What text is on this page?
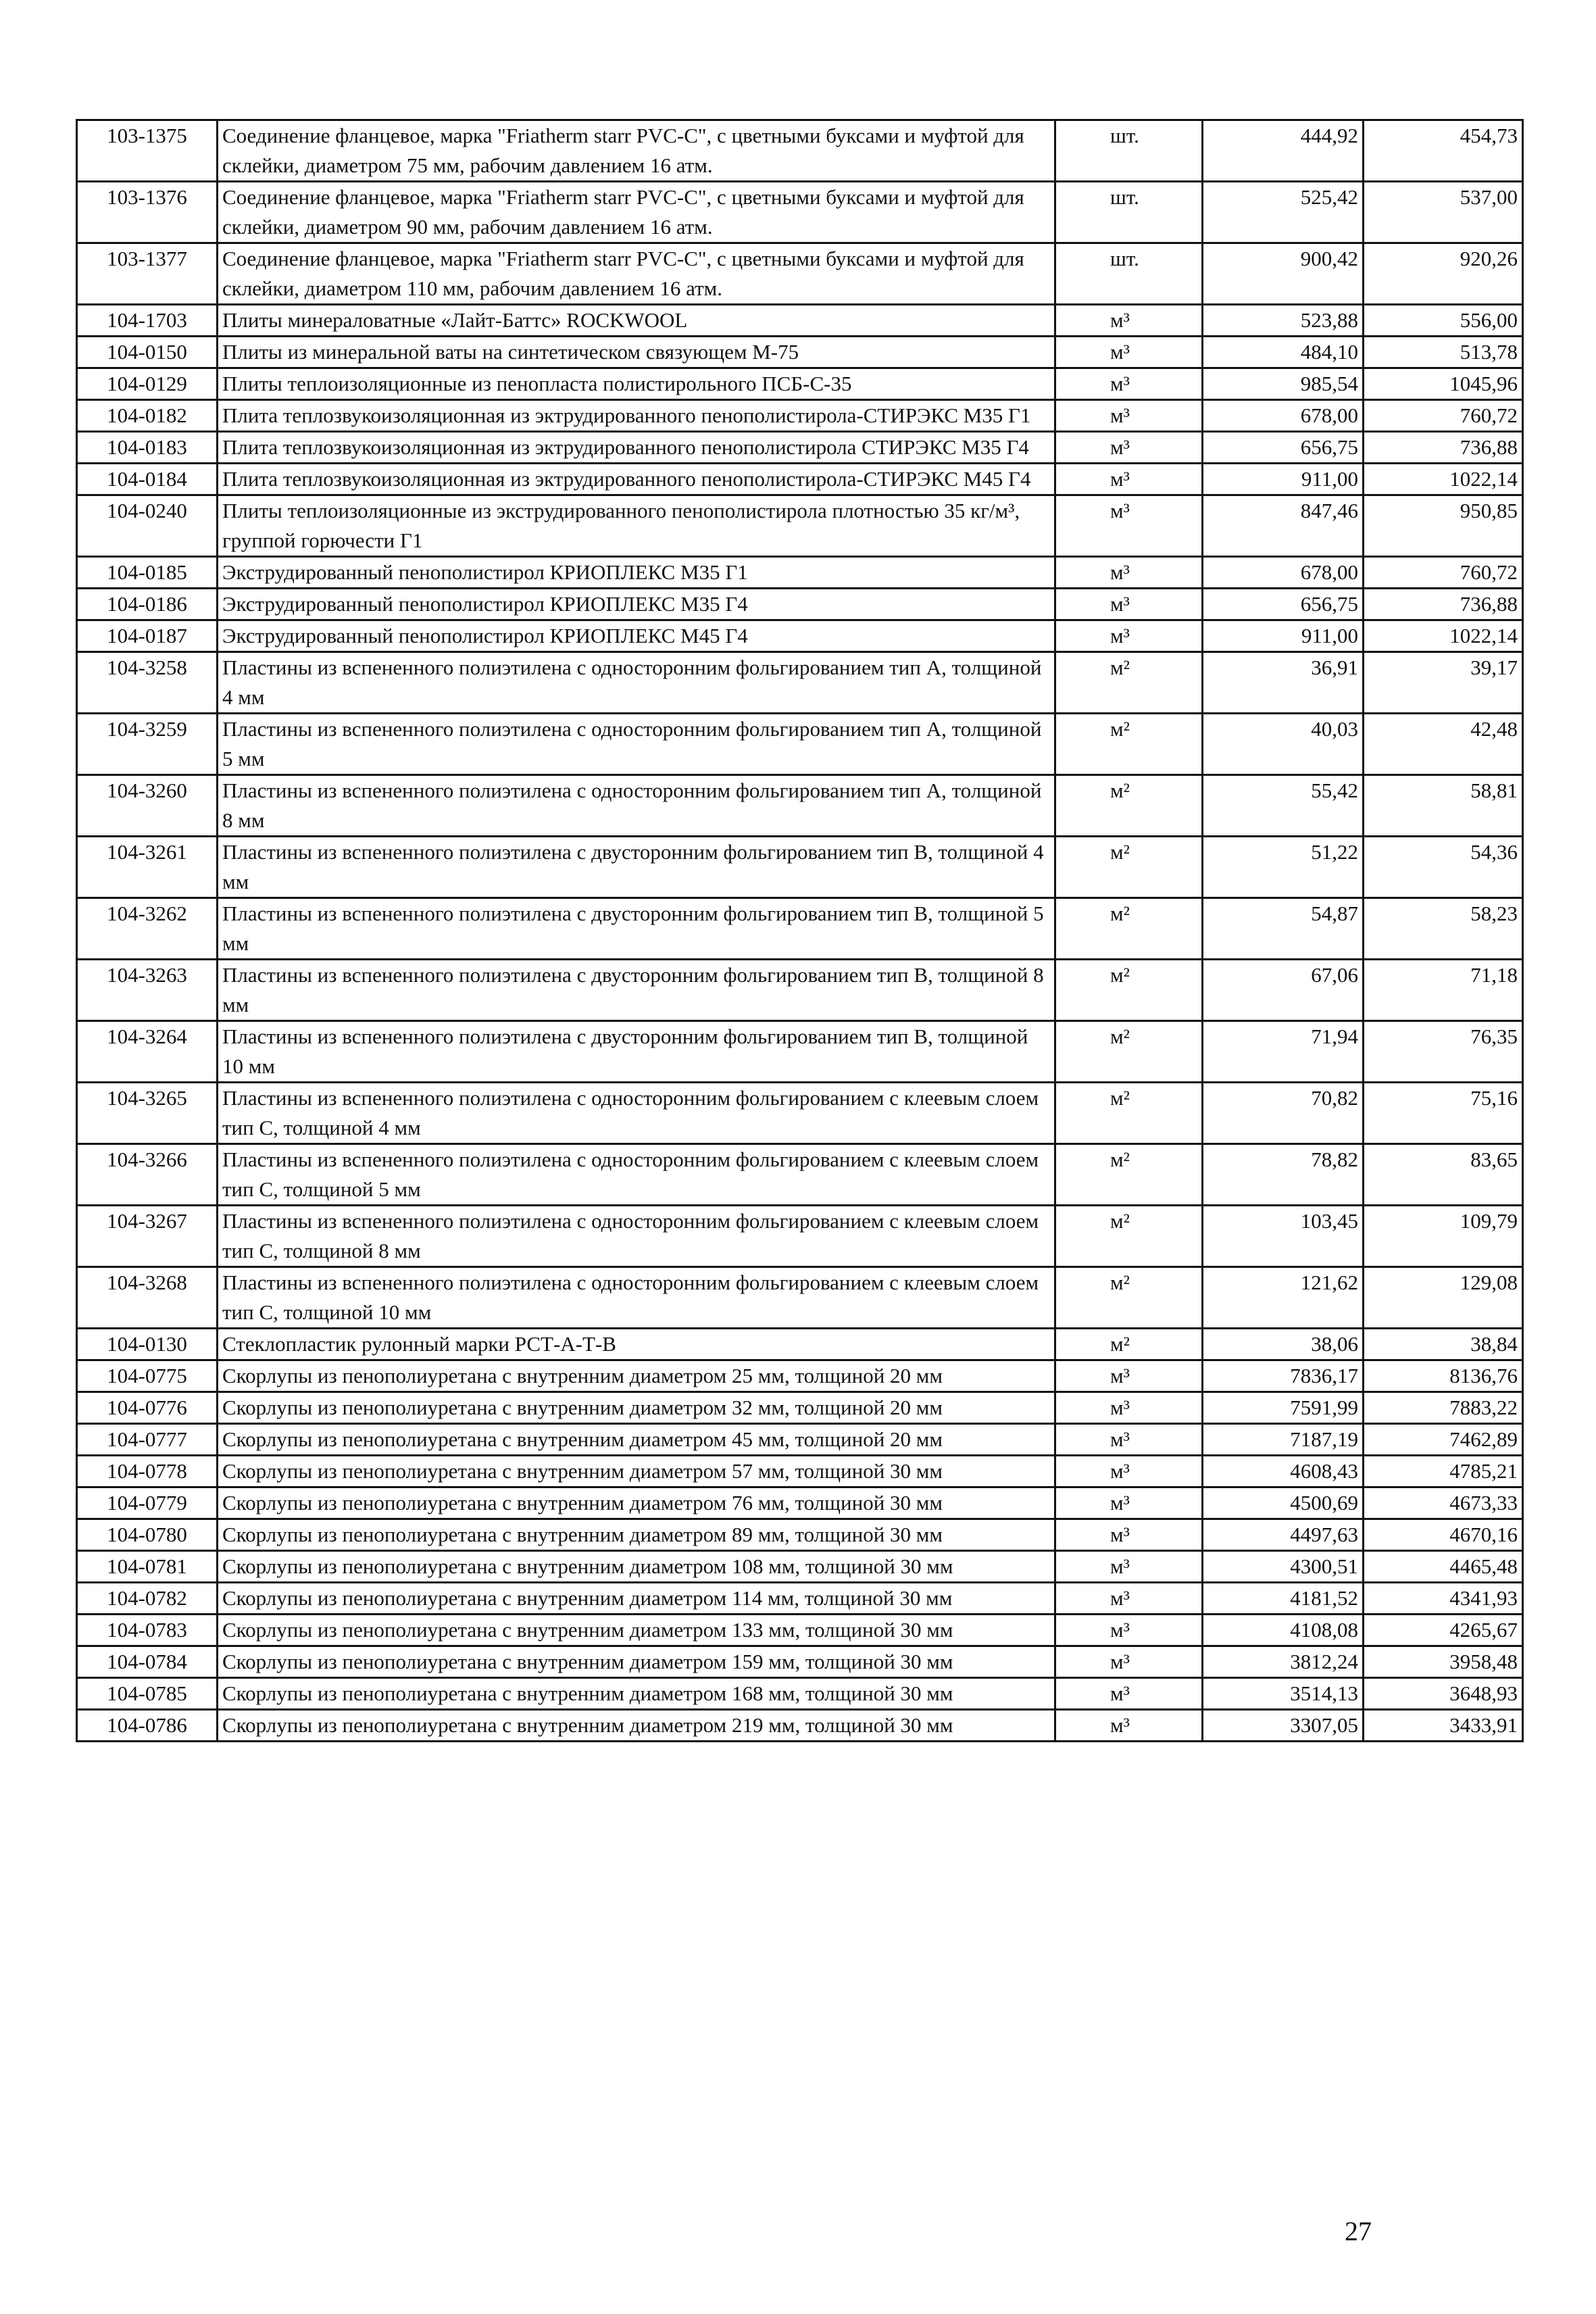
103-1375	Соединение фланцевое, марка "Friatherm starr PVC-C", с цветными буксами и муфтой для склейки, диаметром 75 мм, рабочим давлением 16 атм.	шт.	444,92	454,73
103-1376	Соединение фланцевое, марка "Friatherm starr PVC-C", с цветными буксами и муфтой для склейки, диаметром 90 мм, рабочим давлением 16 атм.	шт.	525,42	537,00
103-1377	Соединение фланцевое, марка "Friatherm starr PVC-C", с цветными буксами и муфтой для склейки, диаметром 110 мм, рабочим давлением 16 атм.	шт.	900,42	920,26
104-1703	Плиты минераловатные «Лайт-Баттс» ROCKWOOL	м³	523,88	556,00
104-0150	Плиты из минеральной ваты на синтетическом связующем М-75	м³	484,10	513,78
104-0129	Плиты теплоизоляционные из пенопласта полистирольного ПСБ-С-35	м³	985,54	1045,96
104-0182	Плита теплозвукоизоляционная из эктрудированного пенополистирола-СТИРЭКС М35 Г1	м³	678,00	760,72
104-0183	Плита теплозвукоизоляционная из эктрудированного пенополистирола СТИРЭКС М35 Г4	м³	656,75	736,88
104-0184	Плита теплозвукоизоляционная из эктрудированного пенополистирола-СТИРЭКС М45 Г4	м³	911,00	1022,14
104-0240	Плиты теплоизоляционные из экструдированного пенополистирола плотностью 35 кг/м³, группой горючести Г1	м³	847,46	950,85
104-0185	Экструдированный пенополистирол КРИОПЛЕКС М35 Г1	м³	678,00	760,72
104-0186	Экструдированный пенополистирол КРИОПЛЕКС М35 Г4	м³	656,75	736,88
104-0187	Экструдированный пенополистирол КРИОПЛЕКС М45 Г4	м³	911,00	1022,14
104-3258	Пластины из вспененного полиэтилена с односторонним фольгированием тип А, толщиной 4 мм	м²	36,91	39,17
104-3259	Пластины из вспененного полиэтилена с односторонним фольгированием тип А, толщиной 5 мм	м²	40,03	42,48
104-3260	Пластины из вспененного полиэтилена с односторонним фольгированием тип А, толщиной 8 мм	м²	55,42	58,81
104-3261	Пластины из вспененного полиэтилена с двусторонним фольгированием тип В, толщиной 4 мм	м²	51,22	54,36
104-3262	Пластины из вспененного полиэтилена с двусторонним фольгированием тип В, толщиной 5 мм	м²	54,87	58,23
104-3263	Пластины из вспененного полиэтилена с двусторонним фольгированием тип В, толщиной 8 мм	м²	67,06	71,18
104-3264	Пластины из вспененного полиэтилена с двусторонним фольгированием тип В, толщиной 10 мм	м²	71,94	76,35
104-3265	Пластины из вспененного полиэтилена с односторонним фольгированием с клеевым слоем тип С, толщиной 4 мм	м²	70,82	75,16
104-3266	Пластины из вспененного полиэтилена с односторонним фольгированием с клеевым слоем тип С, толщиной 5 мм	м²	78,82	83,65
104-3267	Пластины из вспененного полиэтилена с односторонним фольгированием с клеевым слоем тип С, толщиной 8 мм	м²	103,45	109,79
104-3268	Пластины из вспененного полиэтилена с односторонним фольгированием с клеевым слоем тип С, толщиной 10 мм	м²	121,62	129,08
104-0130	Стеклопластик рулонный марки РСТ-А-Т-В	м²	38,06	38,84
104-0775	Скорлупы из пенополиуретана с внутренним диаметром 25 мм, толщиной 20 мм	м³	7836,17	8136,76
104-0776	Скорлупы из пенополиуретана с внутренним диаметром 32 мм, толщиной 20 мм	м³	7591,99	7883,22
104-0777	Скорлупы из пенополиуретана с внутренним диаметром 45 мм, толщиной 20 мм	м³	7187,19	7462,89
104-0778	Скорлупы из пенополиуретана с внутренним диаметром 57 мм, толщиной 30 мм	м³	4608,43	4785,21
104-0779	Скорлупы из пенополиуретана с внутренним диаметром 76 мм, толщиной 30 мм	м³	4500,69	4673,33
104-0780	Скорлупы из пенополиуретана с внутренним диаметром 89 мм, толщиной 30 мм	м³	4497,63	4670,16
104-0781	Скорлупы из пенополиуретана с внутренним диаметром 108 мм, толщиной 30 мм	м³	4300,51	4465,48
104-0782	Скорлупы из пенополиуретана с внутренним диаметром 114 мм, толщиной 30 мм	м³	4181,52	4341,93
104-0783	Скорлупы из пенополиуретана с внутренним диаметром 133 мм, толщиной 30 мм	м³	4108,08	4265,67
104-0784	Скорлупы из пенополиуретана с внутренним диаметром 159 мм, толщиной 30 мм	м³	3812,24	3958,48
104-0785	Скорлупы из пенополиуретана с внутренним диаметром 168 мм, толщиной 30 мм	м³	3514,13	3648,93
104-0786	Скорлупы из пенополиуретана с внутренним диаметром 219 мм, толщиной 30 мм	м³	3307,05	3433,91
27
